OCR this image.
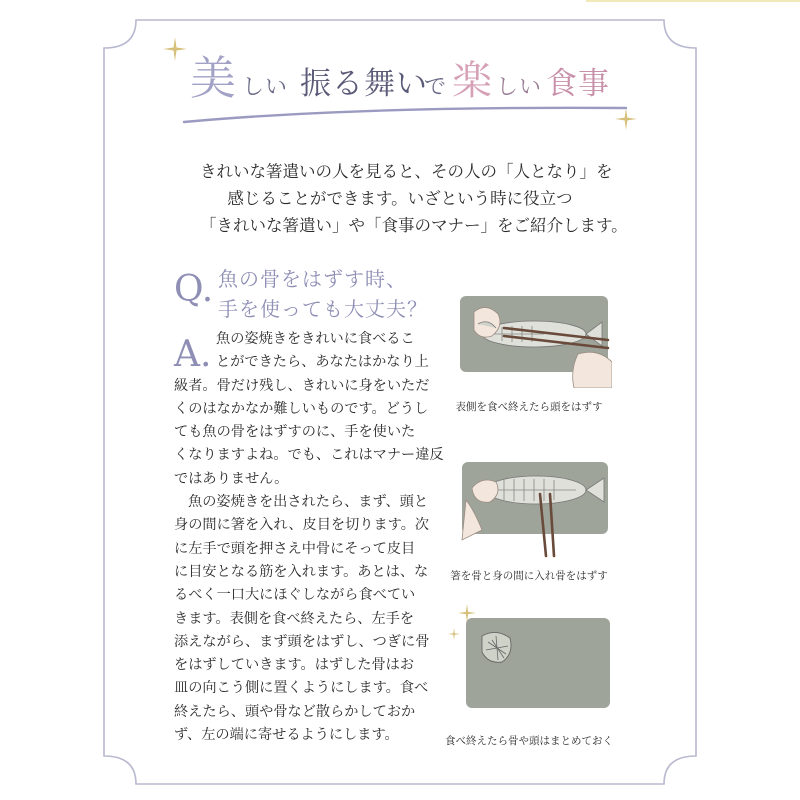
美 しい 振る舞い
で 楽 しい 食事
きれいな箸遣いの人を見ると、その人の「人となり」を
感じることができます。いざという時に役立つ
「きれいな箸遣い」や「食事のマナー」をご紹介します。
Q. 魚の骨をはずす時、
手を使っても大丈夫？
A. 魚の姿焼きをきれいに食べるこ
とができたら、あなたはかなり上
級者。骨だけ残し、きれいに身をいただ
くのはなかなか難しいものです。どうし
ても魚の骨をはずすのに、手を使いた
くなりますよね。でも、これはマナー違反
ではありません。
魚の姿焼きを出されたら、まず、頭と
身の間に箸を入れ、皮目を切ります。次
に左手で頭を押さえ中骨にそって皮目
に目安となる筋を入れます。あとは、な
るべく一口大にほぐしながら食べてい
きます。表側を食べ終えたら、左手を
添えながら、まず頭をはずし、つぎに骨
をはずしていきます。はずした骨はお
皿の向こう側に置くようにします。食べ
終えたら、頭や骨など散らかしておか
ず、左の端に寄せるようにします。
表側を食べ終えたら頭をはずす
箸を骨と身の間に入れ骨をはずす
食べ終えたら骨や頭はまとめておく
